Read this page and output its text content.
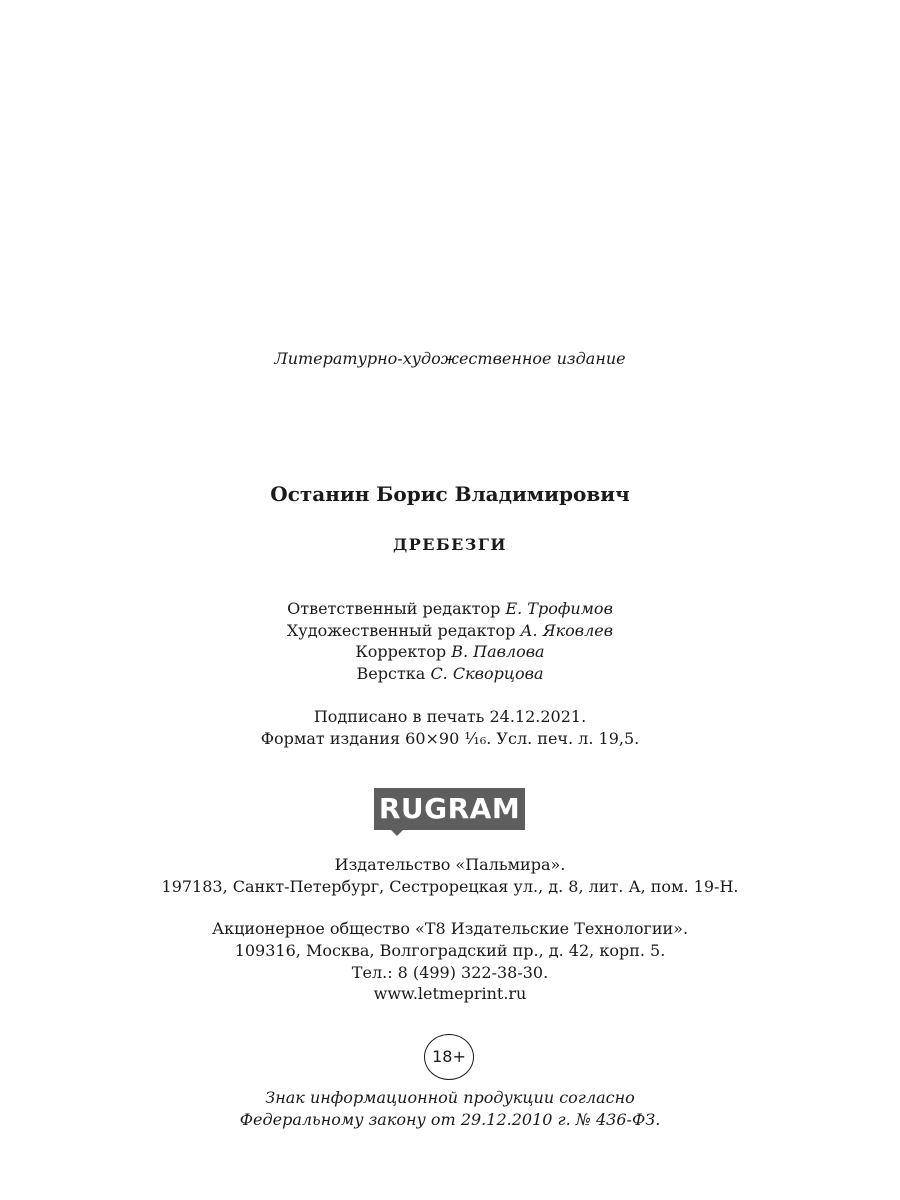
Литературно-художественное издание
Останин Борис Владимирович
ДРЕБЕЗГИ
Ответственный редактор Е. Трофимов
Художественный редактор А. Яковлев
Корректор В. Павлова
Верстка С. Скворцова
Подписано в печать 24.12.2021.
Формат издания 60×90 ¹⁄₁₆. Усл. печ. л. 19,5.
RUGRAM
Издательство «Пальмира».
197183, Санкт-Петербург, Сестрорецкая ул., д. 8, лит. А, пом. 19-Н.
Акционерное общество «Т8 Издательские Технологии».
109316, Москва, Волгоградский пр., д. 42, корп. 5.
Тел.: 8 (499) 322-38-30.
www.letmeprint.ru
18+
Знак информационной продукции согласно
Федеральному закону от 29.12.2010 г. № 436-ФЗ.
